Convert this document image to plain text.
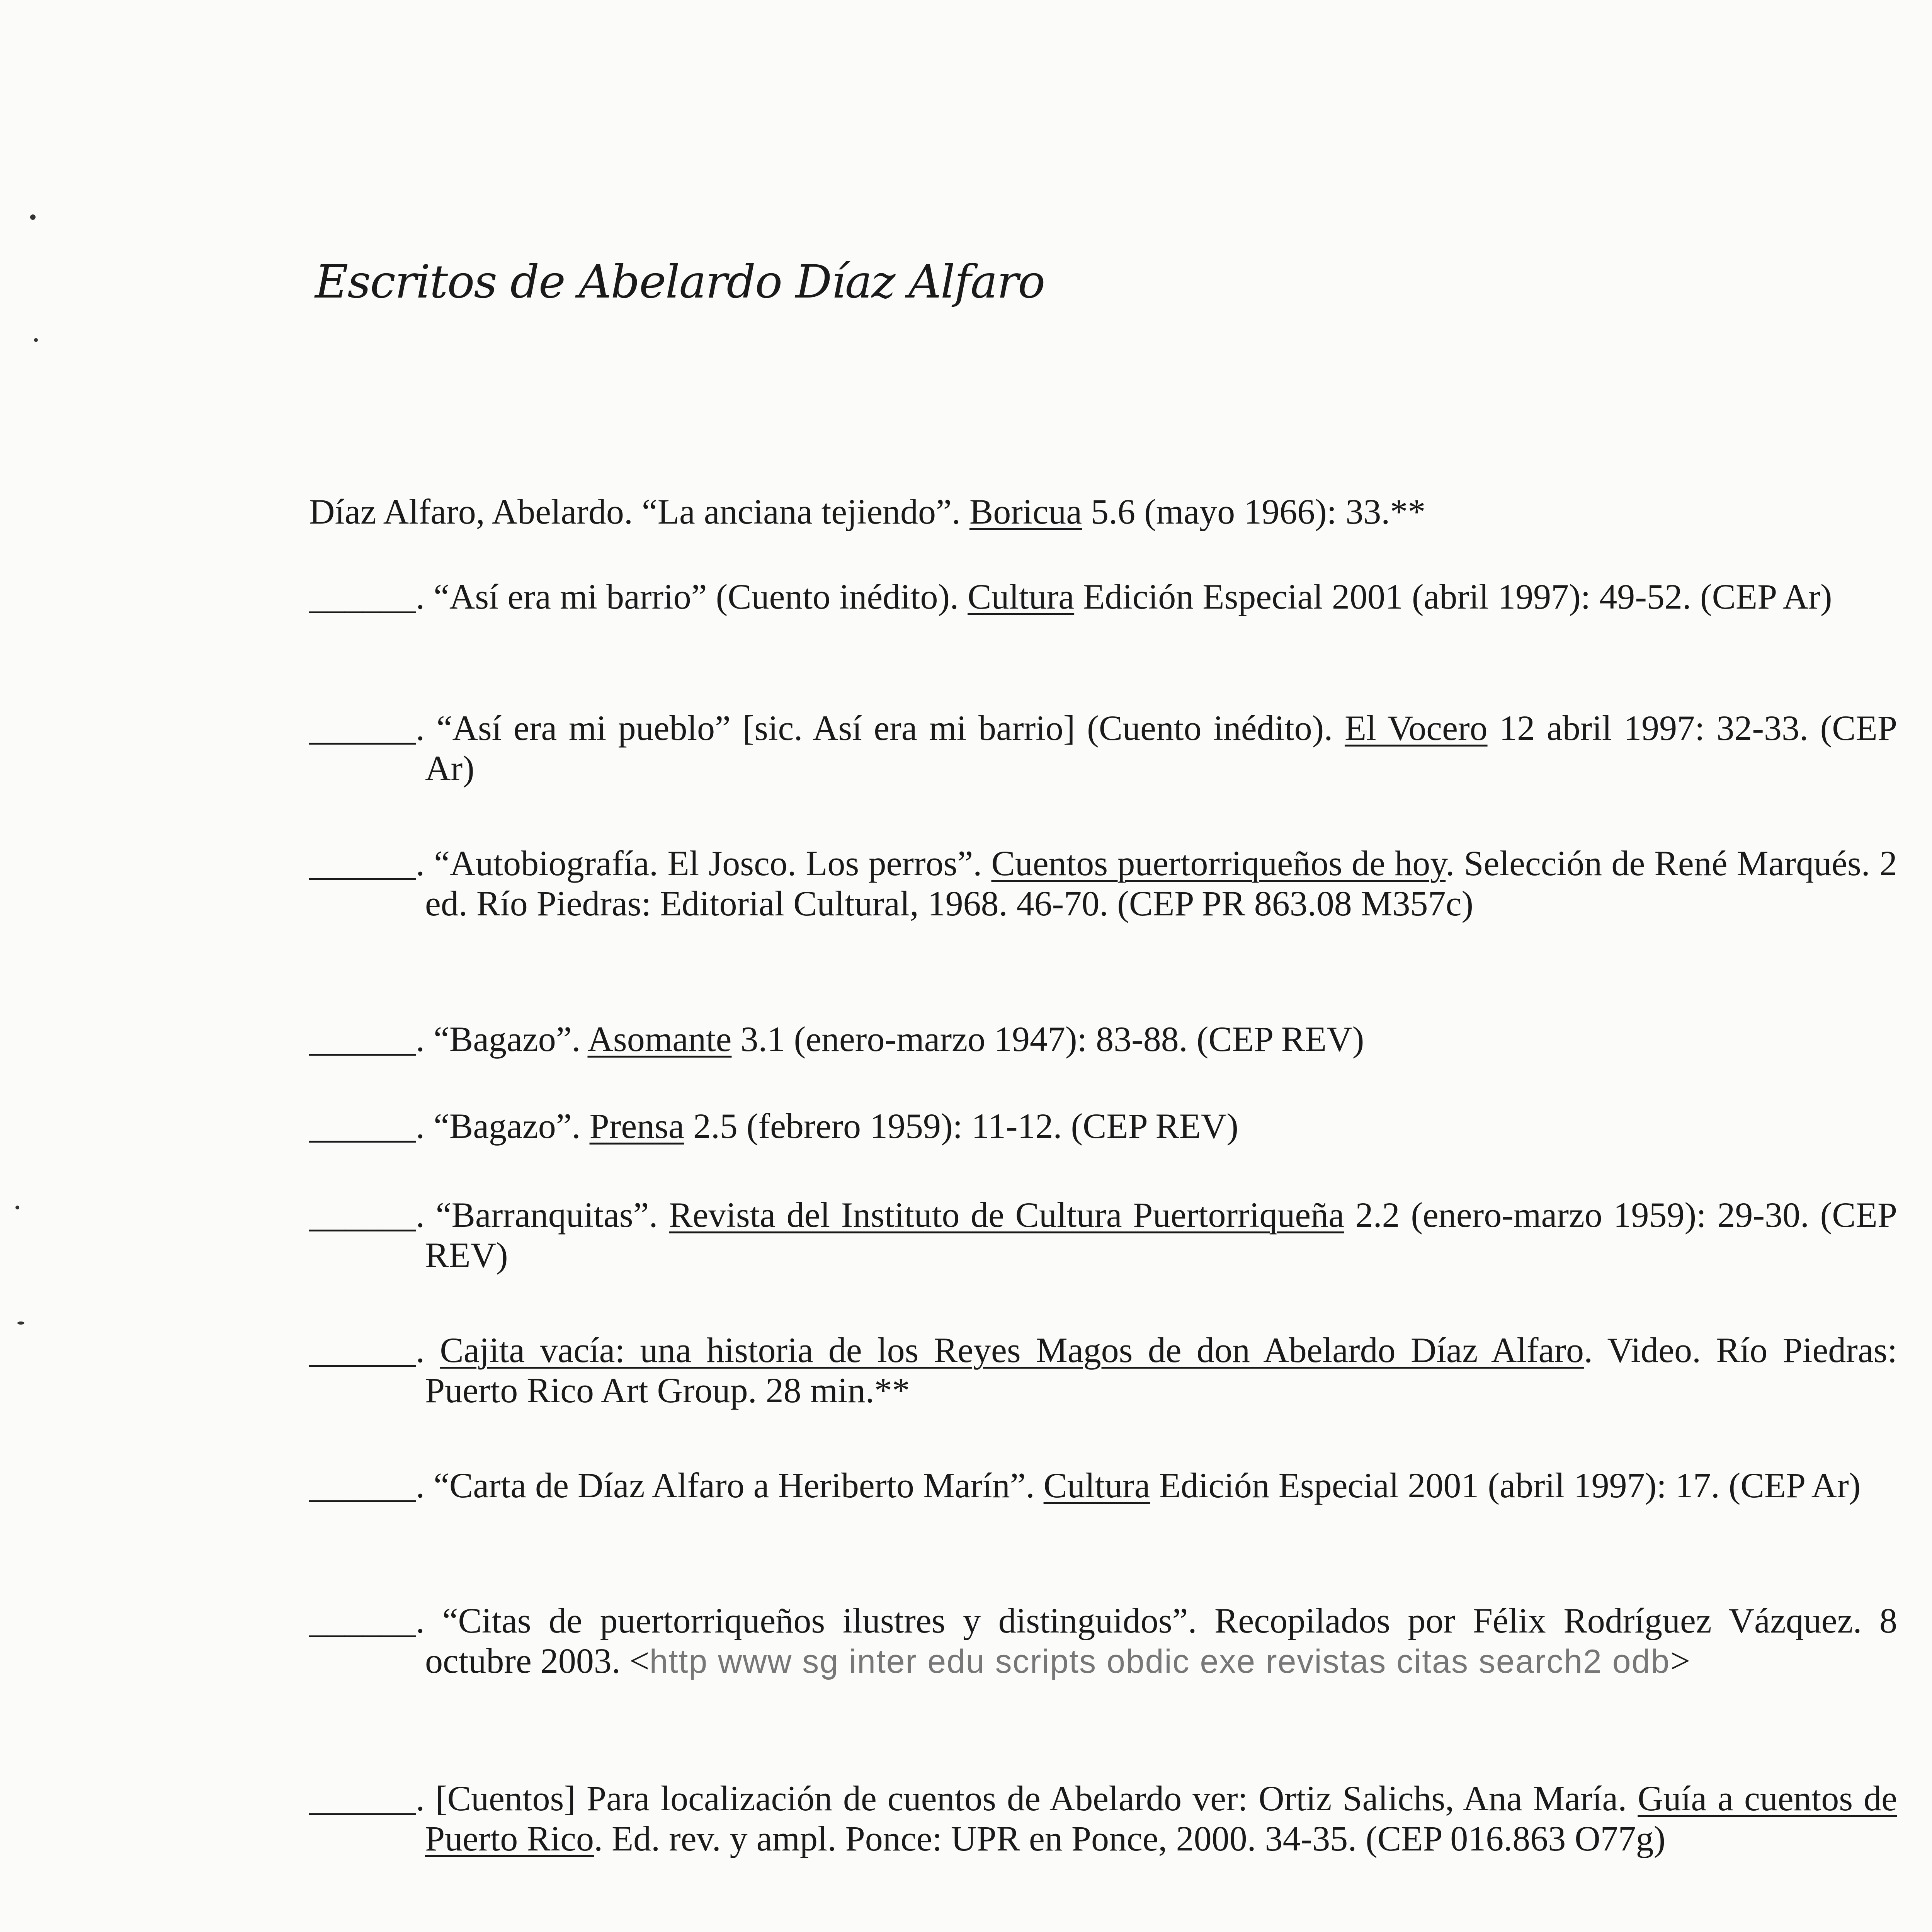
Escritos de Abelardo Díaz Alfaro

Díaz Alfaro, Abelardo. “La anciana tejiendo”. Boricua 5.6 (mayo 1966): 33.**

______. “Así era mi barrio” (Cuento inédito). Cultura Edición Especial 2001 (abril 1997): 49-52. (CEP Ar)

______. “Así era mi pueblo” [sic. Así era mi barrio] (Cuento inédito). El Vocero 12 abril 1997: 32-33. (CEP Ar)

______. “Autobiografía. El Josco. Los perros”. Cuentos puertorriqueños de hoy. Selección de René Marqués. 2 ed. Río Piedras: Editorial Cultural, 1968. 46-70. (CEP PR 863.08 M357c)

______. “Bagazo”. Asomante 3.1 (enero-marzo 1947): 83-88. (CEP REV)

______. “Bagazo”. Prensa 2.5 (febrero 1959): 11-12. (CEP REV)

______. “Barranquitas”. Revista del Instituto de Cultura Puertorriqueña 2.2 (enero-marzo 1959): 29-30. (CEP REV)

______. Cajita vacía: una historia de los Reyes Magos de don Abelardo Díaz Alfaro. Video. Río Piedras: Puerto Rico Art Group. 28 min.**

______. “Carta de Díaz Alfaro a Heriberto Marín”. Cultura Edición Especial 2001 (abril 1997): 17. (CEP Ar)

______. “Citas de puertorriqueños ilustres y distinguidos”. Recopilados por Félix Rodríguez Vázquez. 8 octubre 2003. <http www sg inter edu scripts obdic exe revistas citas search2 odb>

______. [Cuentos] Para localización de cuentos de Abelardo ver: Ortiz Salichs, Ana María. Guía a cuentos de Puerto Rico. Ed. rev. y ampl. Ponce: UPR en Ponce, 2000. 34-35. (CEP 016.863 O77g)
